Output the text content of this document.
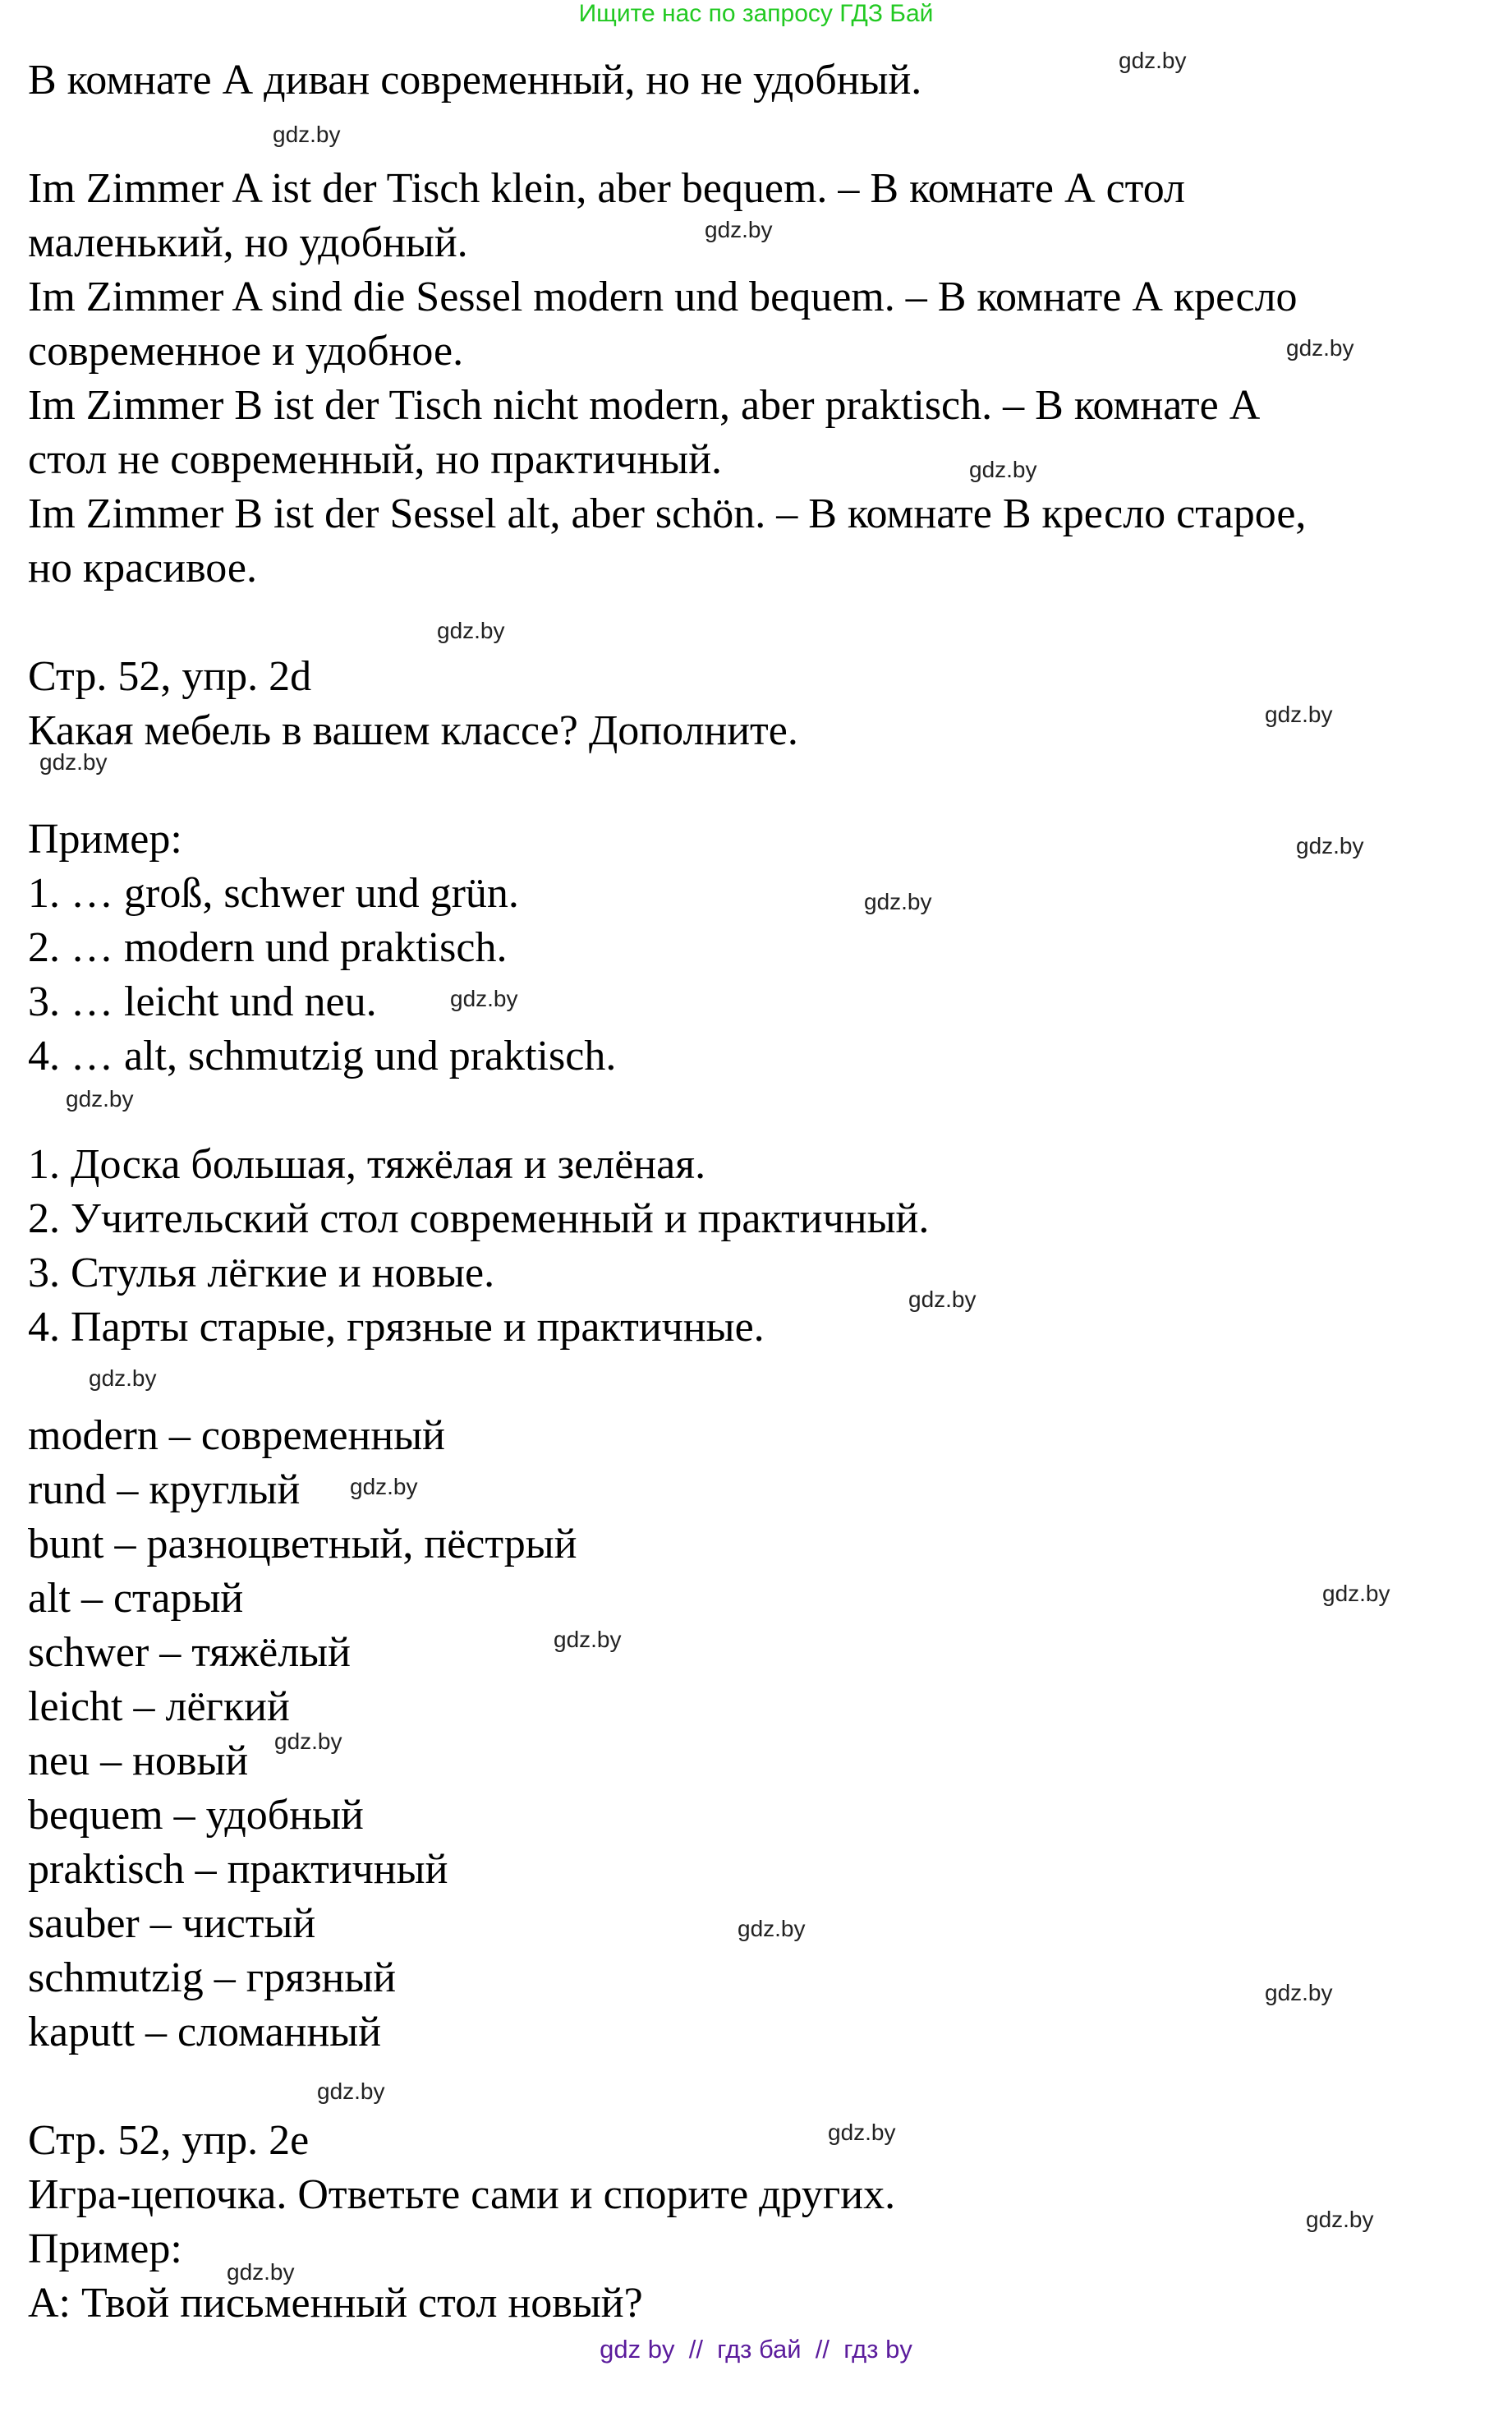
Ищите нас по запросу ГДЗ Бай
В комнате А диван современный, но не удобный.
Im Zimmer A ist der Tisch klein, aber bequem. – В комнате А стол
маленький, но удобный.
Im Zimmer A sind die Sessel modern und bequem. – В комнате А кресло
современное и удобное.
Im Zimmer B ist der Tisch nicht modern, aber praktisch. – В комнате А
стол не современный, но практичный.
Im Zimmer B ist der Sessel alt, aber schön. – В комнате В кресло старое,
но красивое.
Стр. 52, упр. 2d
Какая мебель в вашем классе? Дополните.
Пример:
1. … groß, schwer und grün.
2. … modern und praktisch.
3. … leicht und neu.
4. … alt, schmutzig und praktisch.
1. Доска большая, тяжёлая и зелёная.
2. Учительский стол современный и практичный.
3. Стулья лёгкие и новые.
4. Парты старые, грязные и практичные.
modern – современный
rund – круглый
bunt – разноцветный, пёстрый
alt – старый
schwer – тяжёлый
leicht – лёгкий
neu – новый
bequem – удобный
praktisch – практичный
sauber – чистый
schmutzig – грязный
kaputt – сломанный
Стр. 52, упр. 2e
Игра-цепочка. Ответьте сами и спорите других.
Пример:
A: Твой письменный стол новый?
gdz.by
gdz.by
gdz.by
gdz.by
gdz.by
gdz.by
gdz.by
gdz.by
gdz.by
gdz.by
gdz.by
gdz.by
gdz.by
gdz.by
gdz.by
gdz.by
gdz.by
gdz.by
gdz.by
gdz.by
gdz.by
gdz.by
gdz.by
gdz.by
gdz by  //  гдз бай  //  гдз by
